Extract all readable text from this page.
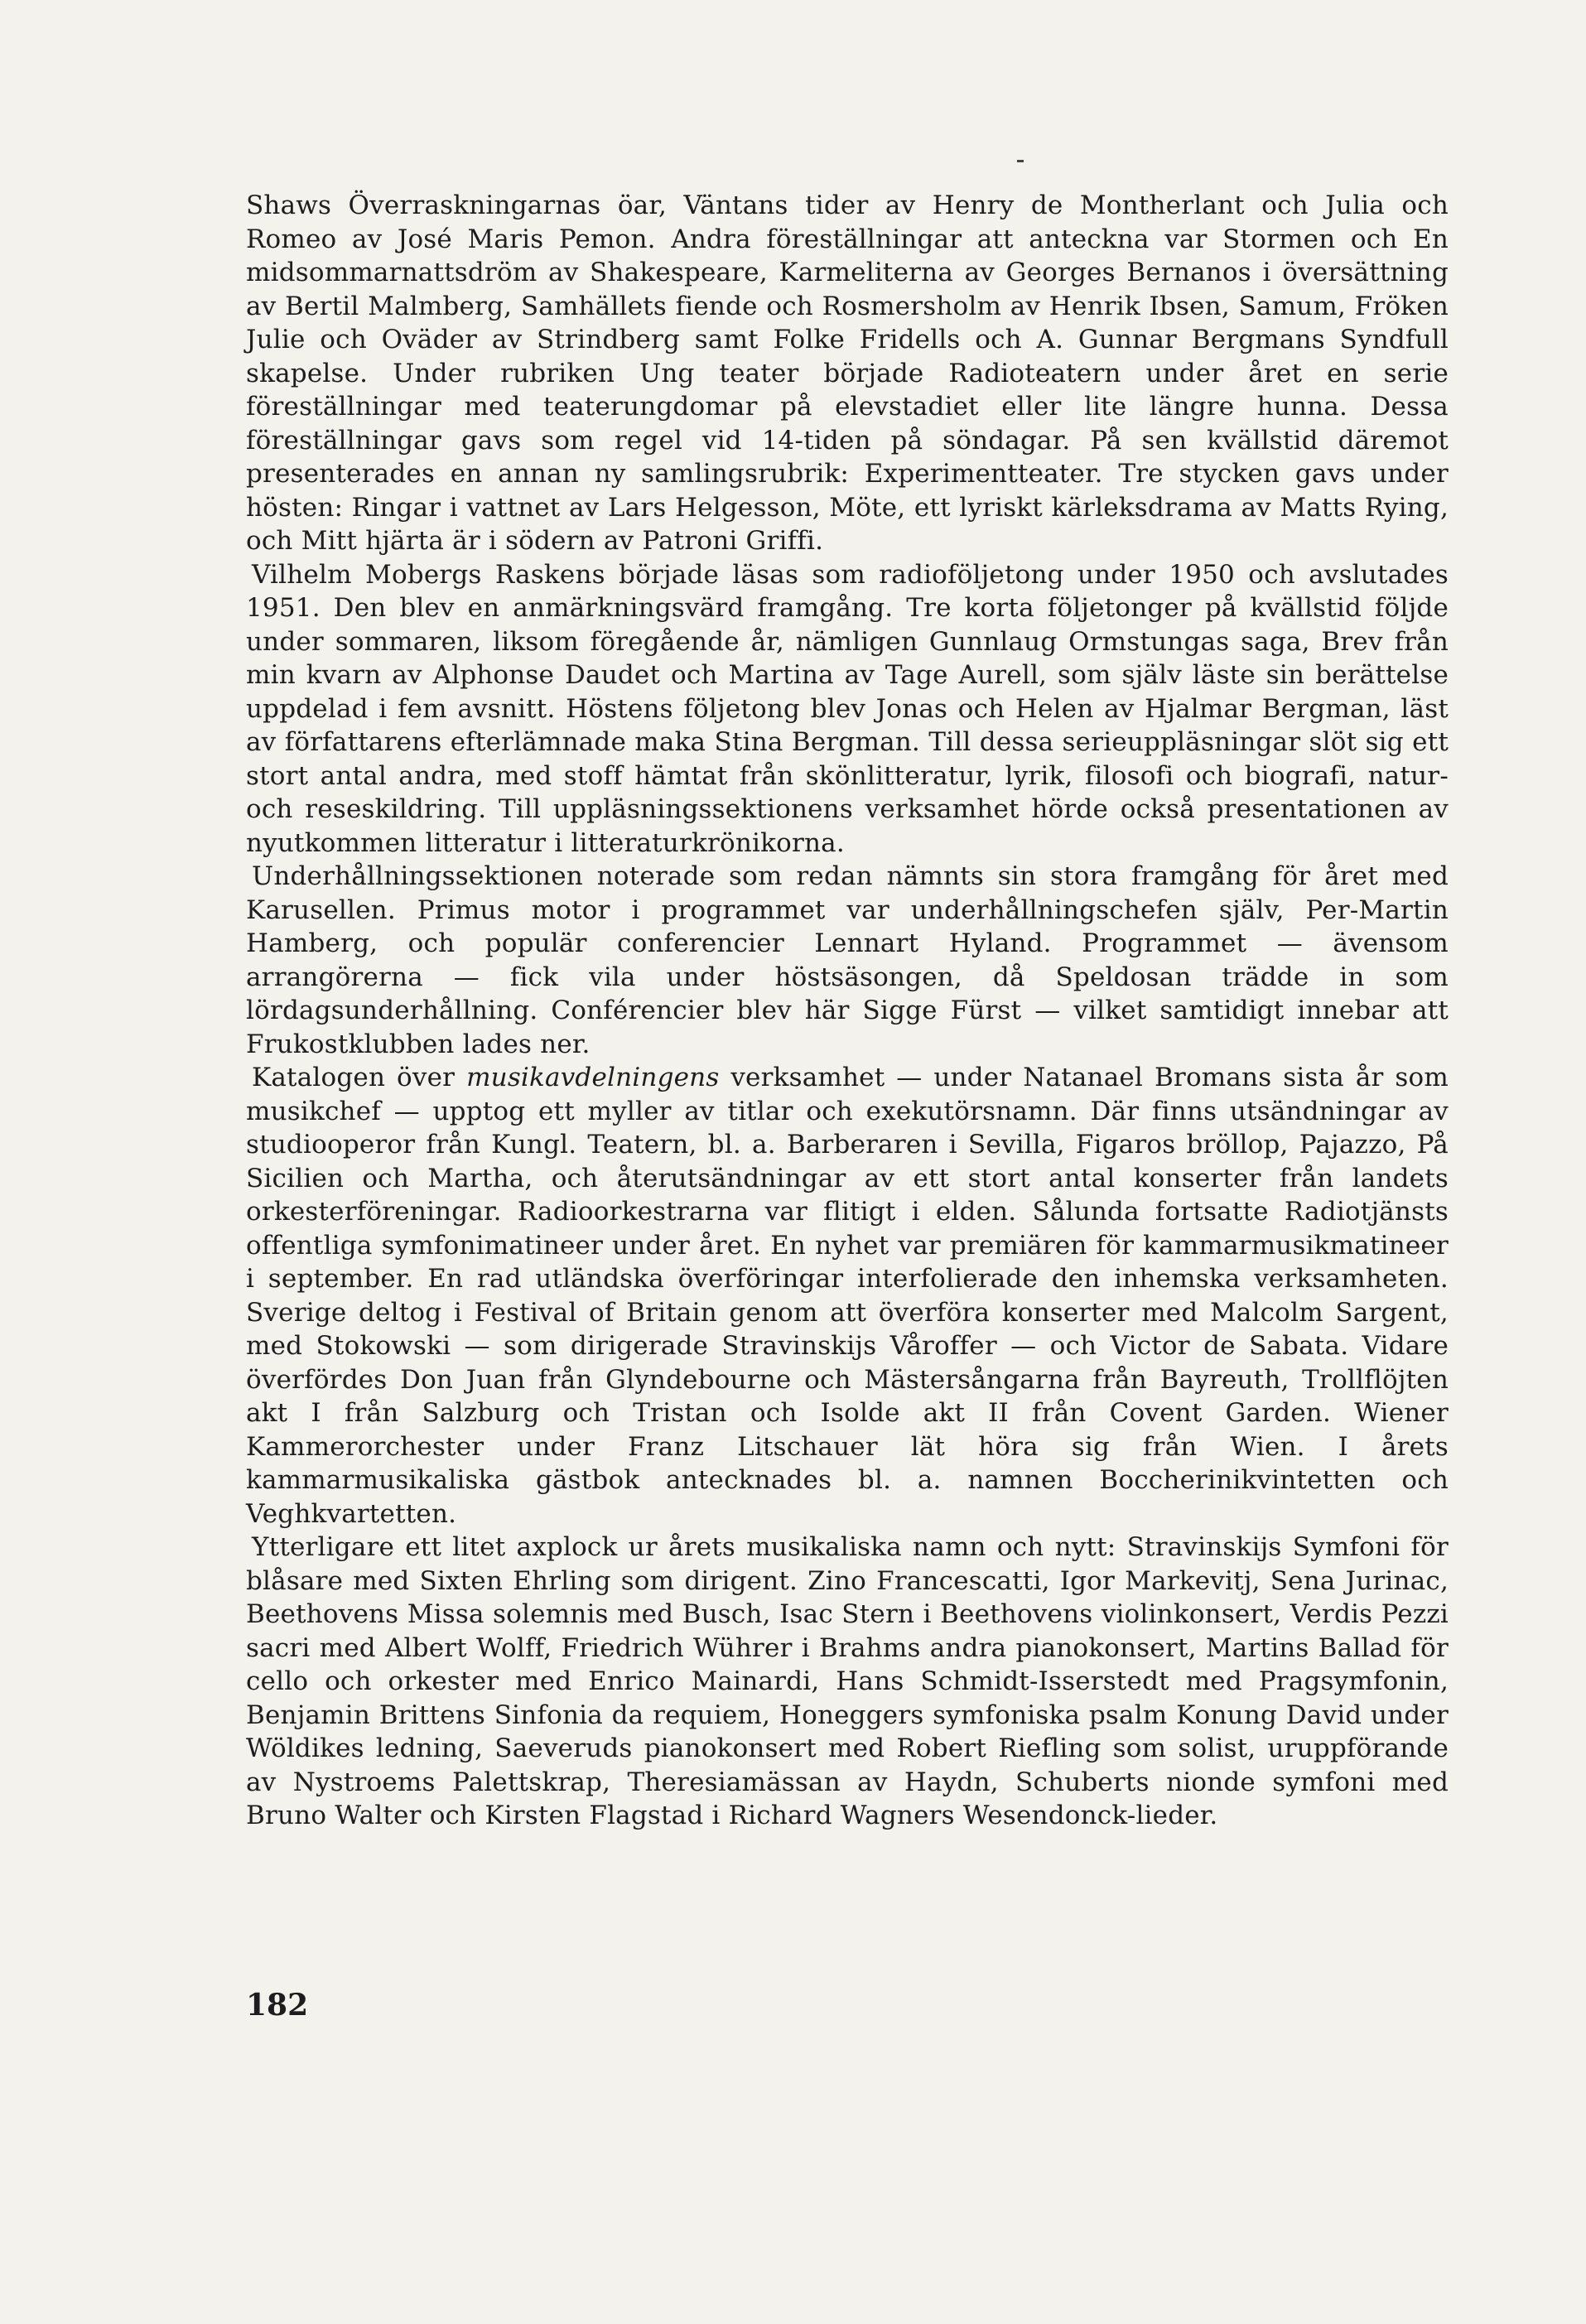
Shaws Överraskningarnas öar, Väntans tider av Henry de Montherlant och Julia och Romeo av José Maris Pemon. Andra föreställningar att anteckna var Stormen och En midsommarnattsdröm av Shakespeare, Karmeliterna av Georges Bernanos i översättning av Bertil Malmberg, Samhällets fiende och Rosmersholm av Henrik Ibsen, Samum, Fröken Julie och Oväder av Strindberg samt Folke Fridells och A. Gunnar Bergmans Syndfull skapelse. Under rubriken Ung teater började Radioteatern under året en serie föreställningar med teaterungdomar på elevstadiet eller lite längre hunna. Dessa föreställningar gavs som regel vid 14-tiden på söndagar. På sen kvällstid däremot presenterades en annan ny samlingsrubrik: Experimentteater. Tre stycken gavs under hösten: Ringar i vattnet av Lars Helgesson, Möte, ett lyriskt kärleksdrama av Matts Rying, och Mitt hjärta är i södern av Patroni Griffi.

Vilhelm Mobergs Raskens började läsas som radioföljetong under 1950 och avslutades 1951. Den blev en anmärkningsvärd framgång. Tre korta följetonger på kvällstid följde under sommaren, liksom föregående år, nämligen Gunnlaug Ormstungas saga, Brev från min kvarn av Alphonse Daudet och Martina av Tage Aurell, som själv läste sin berättelse uppdelad i fem avsnitt. Höstens följetong blev Jonas och Helen av Hjalmar Bergman, läst av författarens efterlämnade maka Stina Bergman. Till dessa serieuppläsningar slöt sig ett stort antal andra, med stoff hämtat från skönlitteratur, lyrik, filosofi och biografi, natur- och reseskildring. Till uppläsningssektionens verksamhet hörde också presentationen av nyutkommen litteratur i litteraturkrönikorna.

Underhållningssektionen noterade som redan nämnts sin stora framgång för året med Karusellen. Primus motor i programmet var underhållningschefen själv, Per-Martin Hamberg, och populär conferencier Lennart Hyland. Programmet — ävensom arrangörerna — fick vila under höstsäsongen, då Speldosan trädde in som lördagsunderhållning. Conférencier blev här Sigge Fürst — vilket samtidigt innebar att Frukostklubben lades ner.

Katalogen över musikavdelningens verksamhet — under Natanael Bromans sista år som musikchef — upptog ett myller av titlar och exekutörsnamn. Där finns utsändningar av studiooperor från Kungl. Teatern, bl. a. Barberaren i Sevilla, Figaros bröllop, Pajazzo, På Sicilien och Martha, och återutsändningar av ett stort antal konserter från landets orkesterföreningar. Radioorkestrarna var flitigt i elden. Sålunda fortsatte Radiotjänsts offentliga symfonimatineer under året. En nyhet var premiären för kammarmusikmatineer i september. En rad utländska överföringar interfolierade den inhemska verksamheten. Sverige deltog i Festival of Britain genom att överföra konserter med Malcolm Sargent, med Stokowski — som dirigerade Stravinskijs Våroffer — och Victor de Sabata. Vidare överfördes Don Juan från Glyndebourne och Mästersångarna från Bayreuth, Trollflöjten akt I från Salzburg och Tristan och Isolde akt II från Covent Garden. Wiener Kammerorchester under Franz Litschauer lät höra sig från Wien. I årets kammarmusikaliska gästbok antecknades bl. a. namnen Boccherinikvintetten och Veghkvartetten.

Ytterligare ett litet axplock ur årets musikaliska namn och nytt: Stravinskijs Symfoni för blåsare med Sixten Ehrling som dirigent. Zino Francescatti, Igor Markevitj, Sena Jurinac, Beethovens Missa solemnis med Busch, Isac Stern i Beethovens violinkonsert, Verdis Pezzi sacri med Albert Wolff, Friedrich Wührer i Brahms andra pianokonsert, Martins Ballad för cello och orkester med Enrico Mainardi, Hans Schmidt-Isserstedt med Pragsymfonin, Benjamin Brittens Sinfonia da requiem, Honeggers symfoniska psalm Konung David under Wöldikes ledning, Saeveruds pianokonsert med Robert Riefling som solist, uruppförande av Nystroems Palettskrap, Theresiamässan av Haydn, Schuberts nionde symfoni med Bruno Walter och Kirsten Flagstad i Richard Wagners Wesendonck-lieder.

182
